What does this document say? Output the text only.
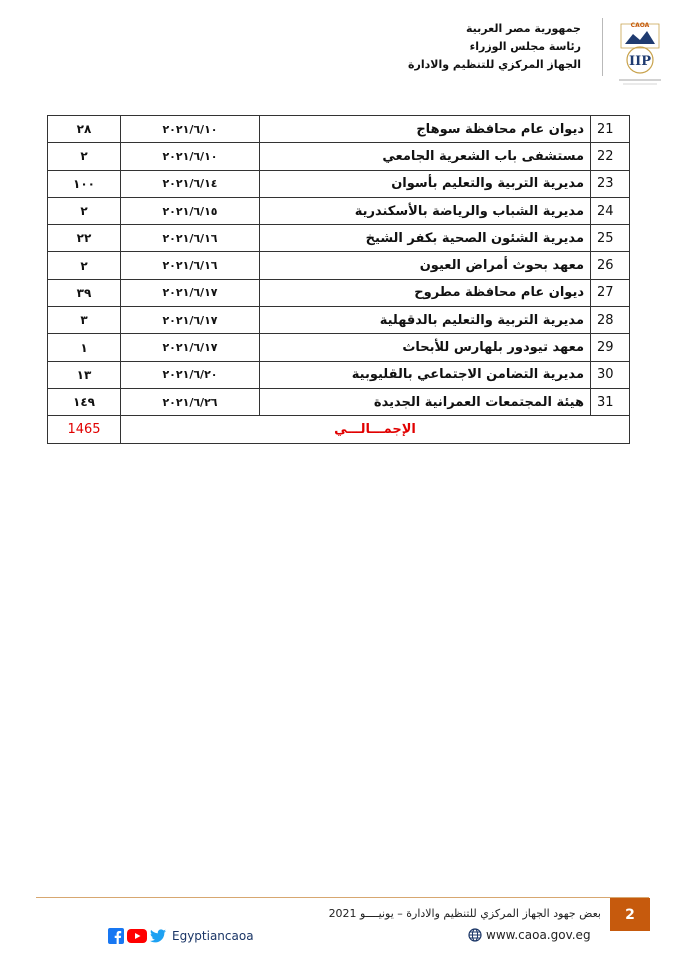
جمهورية مصر العربية
رئاسة مجلس الوزراء
الجهاز المركزي للتنظيم والادارة
CAOA
IIP
٢٨	٢٠٢١/٦/١٠	ديوان عام محافظة سوهاج	21
٢	٢٠٢١/٦/١٠	مستشفى باب الشعرية الجامعي	22
١٠٠	٢٠٢١/٦/١٤	مديرية التربية والتعليم بأسوان	23
٢	٢٠٢١/٦/١٥	مديرية الشباب والرياضة بالأسكندرية	24
٢٢	٢٠٢١/٦/١٦	مديرية الشئون الصحية بكفر الشيخ	25
٢	٢٠٢١/٦/١٦	معهد بحوث أمراض العيون	26
٣٩	٢٠٢١/٦/١٧	ديوان عام محافظة مطروح	27
٣	٢٠٢١/٦/١٧	مديرية التربية والتعليم بالدقهلية	28
١	٢٠٢١/٦/١٧	معهد تيودور بلهارس للأبحاث	29
١٣	٢٠٢١/٦/٢٠	مديرية التضامن الاجتماعي بالقليوبية	30
١٤٩	٢٠٢١/٦/٢٦	هيئة المجتمعات العمرانية الجديدة	31
1465	الإجمـــالـــي		
2
بعض جهود الجهاز المركزي للتنظيم والادارة – يونيــــو 2021
www.caoa.gov.eg
Egyptiancaoa
